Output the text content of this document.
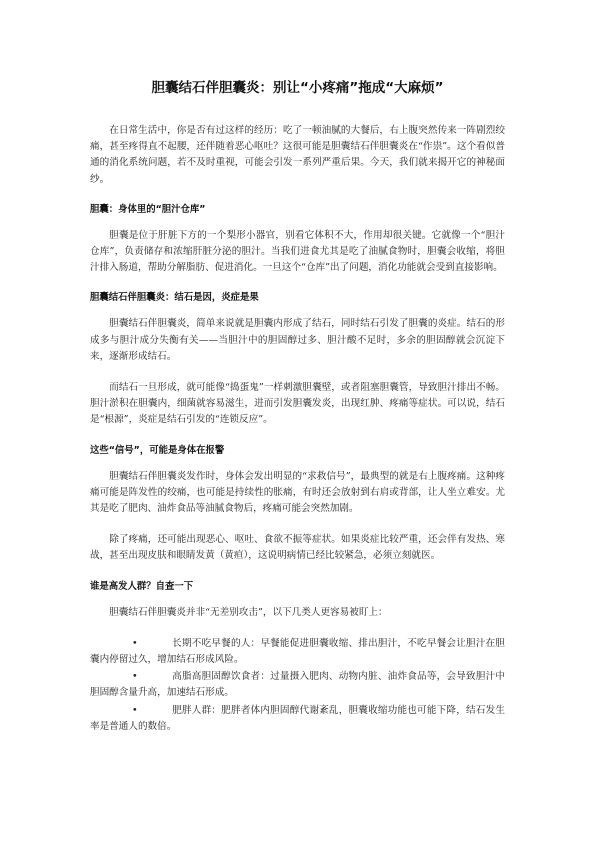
胆囊结石伴胆囊炎：别让“小疼痛”拖成“大麻烦”

在日常生活中，你是否有过这样的经历：吃了一顿油腻的大餐后，右上腹突然传来一阵剧烈绞痛，甚至疼得直不起腰，还伴随着恶心呕吐？这很可能是胆囊结石伴胆囊炎在“作祟”。这个看似普通的消化系统问题，若不及时重视，可能会引发一系列严重后果。今天，我们就来揭开它的神秘面纱。

胆囊：身体里的“胆汁仓库”

胆囊是位于肝脏下方的一个梨形小器官，别看它体积不大，作用却很关键。它就像一个“胆汁仓库”，负责储存和浓缩肝脏分泌的胆汁。当我们进食尤其是吃了油腻食物时，胆囊会收缩，将胆汁排入肠道，帮助分解脂肪、促进消化。一旦这个“仓库”出了问题，消化功能就会受到直接影响。

胆囊结石伴胆囊炎：结石是因，炎症是果

胆囊结石伴胆囊炎，简单来说就是胆囊内形成了结石，同时结石引发了胆囊的炎症。结石的形成多与胆汁成分失衡有关——当胆汁中的胆固醇过多、胆汁酸不足时，多余的胆固醇就会沉淀下来，逐渐形成结石。

而结石一旦形成，就可能像“捣蛋鬼”一样刺激胆囊壁，或者阻塞胆囊管，导致胆汁排出不畅。胆汁淤积在胆囊内，细菌就容易滋生，进而引发胆囊发炎，出现红肿、疼痛等症状。可以说，结石是“根源”，炎症是结石引发的“连锁反应”。

这些“信号”，可能是身体在报警

胆囊结石伴胆囊炎发作时，身体会发出明显的“求救信号”，最典型的就是右上腹疼痛。这种疼痛可能是阵发性的绞痛，也可能是持续性的胀痛，有时还会放射到右肩或背部，让人坐立难安。尤其是吃了肥肉、油炸食品等油腻食物后，疼痛可能会突然加剧。

除了疼痛，还可能出现恶心、呕吐、食欲不振等症状。如果炎症比较严重，还会伴有发热、寒战，甚至出现皮肤和眼睛发黄（黄疸），这说明病情已经比较紧急，必须立刻就医。

谁是高发人群？自查一下

胆囊结石伴胆囊炎并非“无差别攻击”，以下几类人更容易被盯上：

•	长期不吃早餐的人：早餐能促进胆囊收缩、排出胆汁，不吃早餐会让胆汁在胆囊内停留过久，增加结石形成风险。
•	高脂高胆固醇饮食者：过量摄入肥肉、动物内脏、油炸食品等，会导致胆汁中胆固醇含量升高，加速结石形成。
•	肥胖人群：肥胖者体内胆固醇代谢紊乱，胆囊收缩功能也可能下降，结石发生率是普通人的数倍。
